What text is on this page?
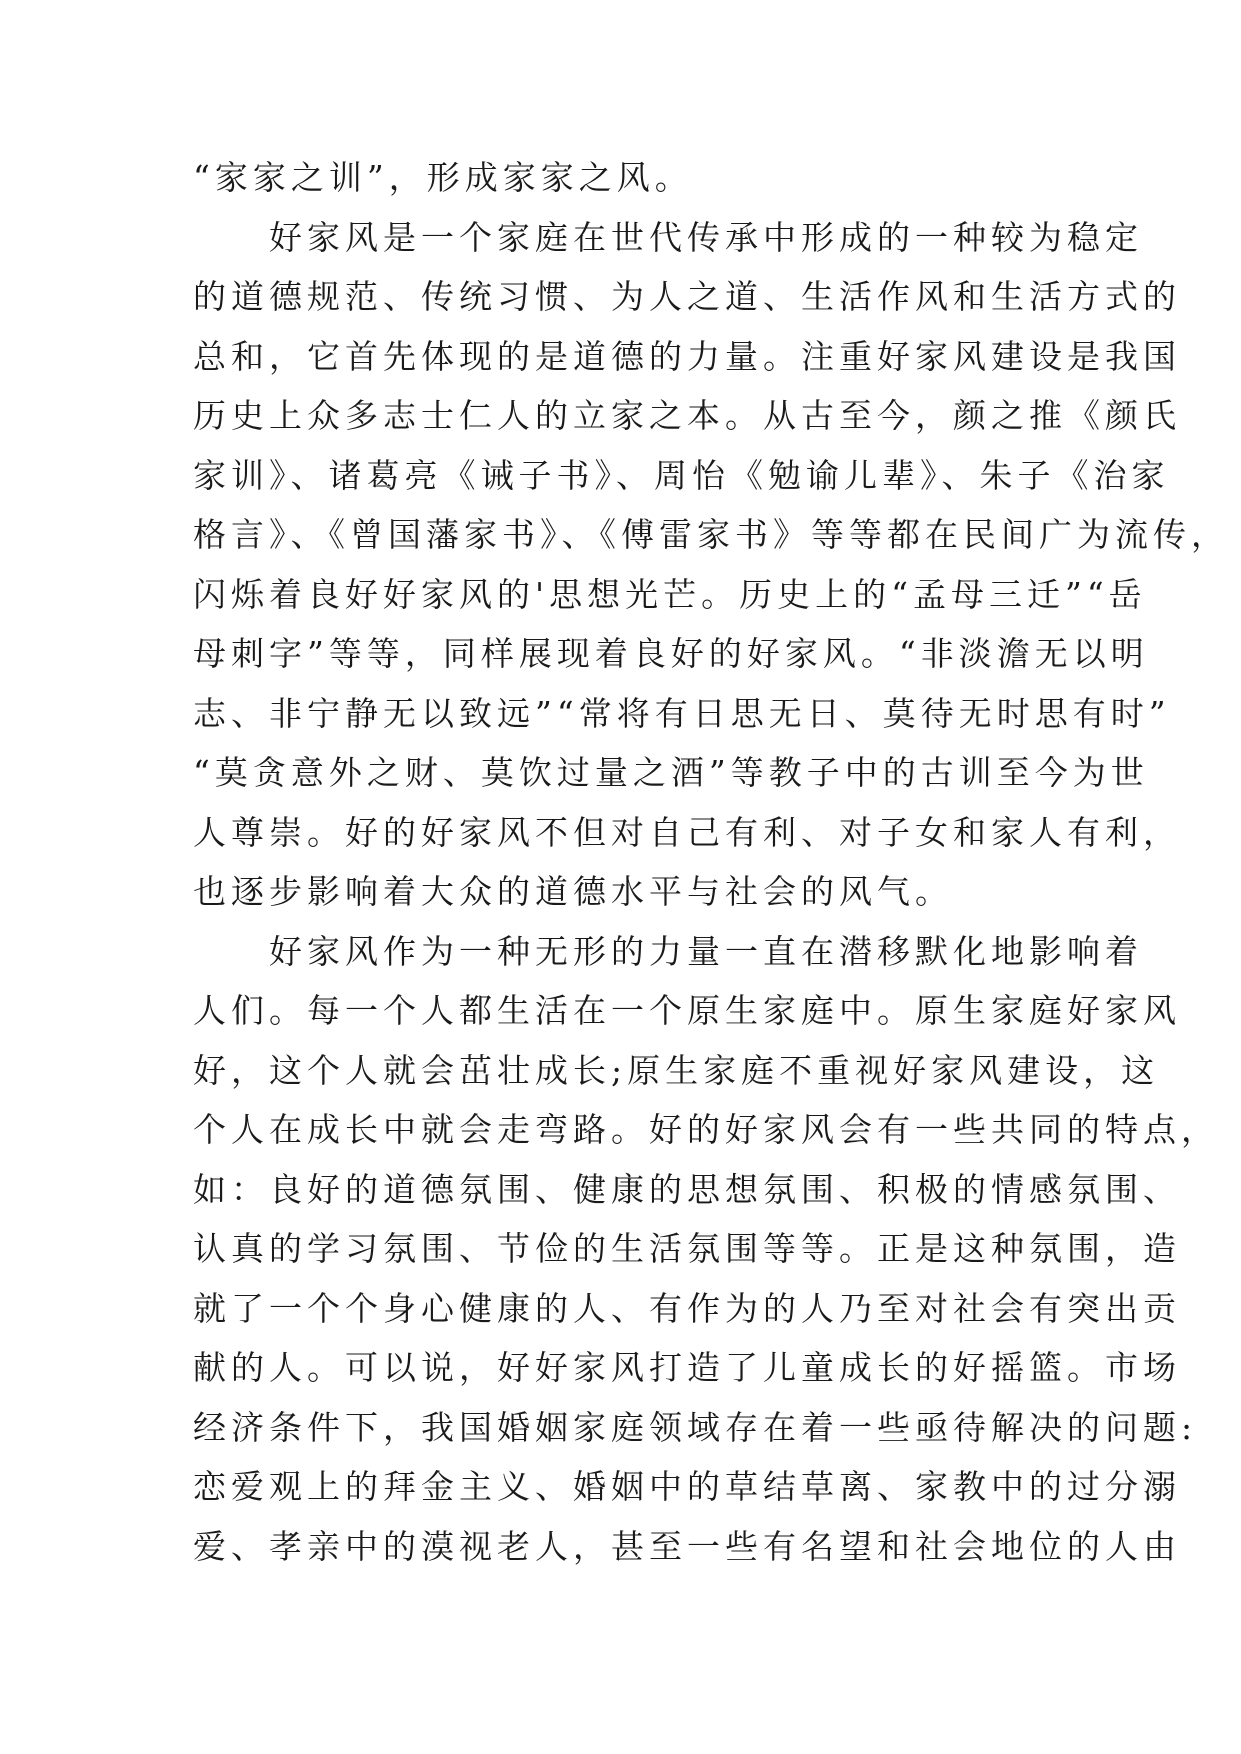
“家家之训”，形成家家之风。
　　好家风是一个家庭在世代传承中形成的一种较为稳定
的道德规范、传统习惯、为人之道、生活作风和生活方式的
总和，它首先体现的是道德的力量。注重好家风建设是我国
历史上众多志士仁人的立家之本。从古至今，颜之推《颜氏
家训》、诸葛亮《诫子书》、周怡《勉谕儿辈》、朱子《治家
格言》、《曾国藩家书》、《傅雷家书》等等都在民间广为流传，
闪烁着良好好家风的'思想光芒。历史上的“孟母三迁”“岳
母刺字”等等，同样展现着良好的好家风。“非淡澹无以明
志、非宁静无以致远”“常将有日思无日、莫待无时思有时”
“莫贪意外之财、莫饮过量之酒”等教子中的古训至今为世
人尊崇。好的好家风不但对自己有利、对子女和家人有利，
也逐步影响着大众的道德水平与社会的风气。
　　好家风作为一种无形的力量一直在潜移默化地影响着
人们。每一个人都生活在一个原生家庭中。原生家庭好家风
好，这个人就会茁壮成长;原生家庭不重视好家风建设，这
个人在成长中就会走弯路。好的好家风会有一些共同的特点，
如：良好的道德氛围、健康的思想氛围、积极的情感氛围、
认真的学习氛围、节俭的生活氛围等等。正是这种氛围，造
就了一个个身心健康的人、有作为的人乃至对社会有突出贡
献的人。可以说，好好家风打造了儿童成长的好摇篮。市场
经济条件下，我国婚姻家庭领域存在着一些亟待解决的问题:
恋爱观上的拜金主义、婚姻中的草结草离、家教中的过分溺
爱、孝亲中的漠视老人，甚至一些有名望和社会地位的人由
